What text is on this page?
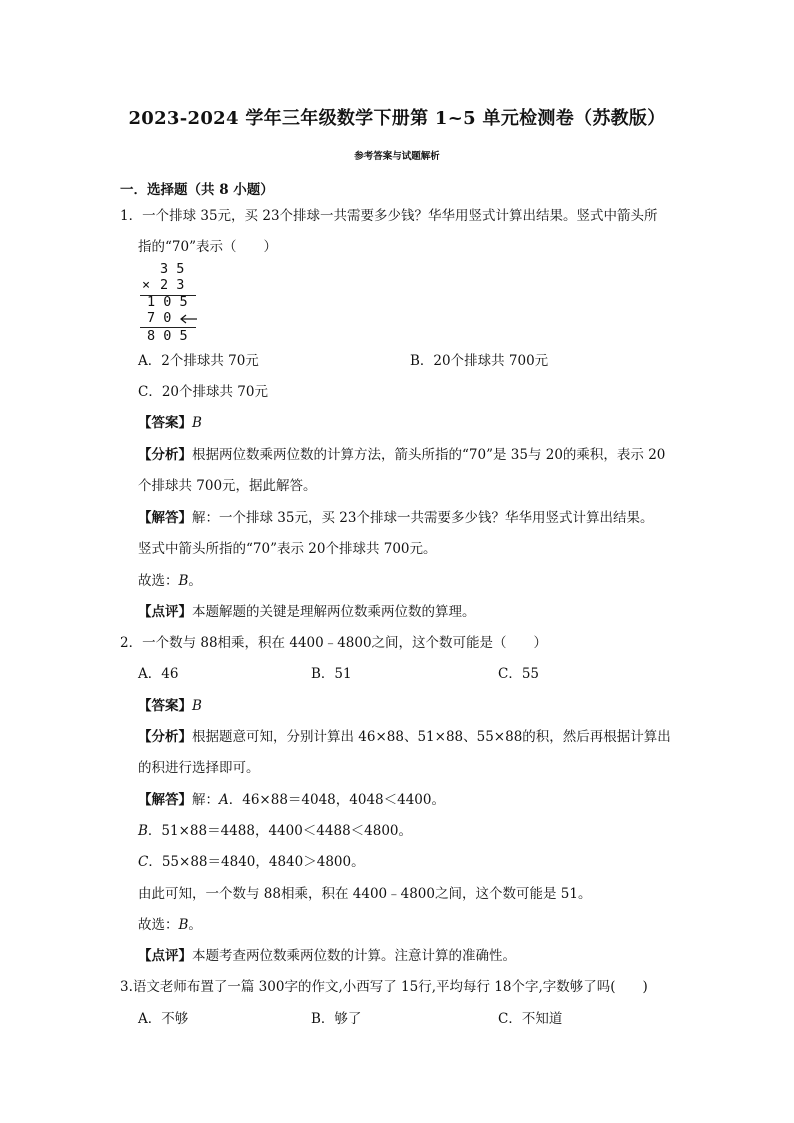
2023-2024 学年三年级数学下册第 1~5 单元检测卷（苏教版）
参考答案与试题解析
一．选择题（共 8 小题）
1．一个排球 35元，买 23个排球一共需要多少钱？华华用竖式计算出结果。竖式中箭头所
指的“70”表示（　　）
3 5
× 2 3
1 0 5
7 0
8 0 5
A．2个排球共 70元	B．20个排球共 700元
C．20个排球共 70元
【答案】B
【分析】根据两位数乘两位数的计算方法，箭头所指的“70”是 35与 20的乘积，表示 20
个排球共 700元，据此解答。
【解答】解：一个排球 35元，买 23个排球一共需要多少钱？华华用竖式计算出结果。
竖式中箭头所指的“70”表示 20个排球共 700元。
故选：B。
【点评】本题解题的关键是理解两位数乘两位数的算理。
2．一个数与 88相乘，积在 4400﹣4800之间，这个数可能是（　　）
A．46	B．51	C．55
【答案】B
【分析】根据题意可知，分别计算出 46×88、51×88、55×88的积，然后再根据计算出
的积进行选择即可。
【解答】解：A．46×88＝4048，4048＜4400。
B．51×88＝4488，4400＜4488＜4800。
C．55×88＝4840，4840＞4800。
由此可知，一个数与 88相乘，积在 4400﹣4800之间，这个数可能是 51。
故选：B。
【点评】本题考查两位数乘两位数的计算。注意计算的准确性。
3.语文老师布置了一篇 300字的作文,小西写了 15行,平均每行 18个字,字数够了吗(　　)
A．不够	B．够了	C．不知道
